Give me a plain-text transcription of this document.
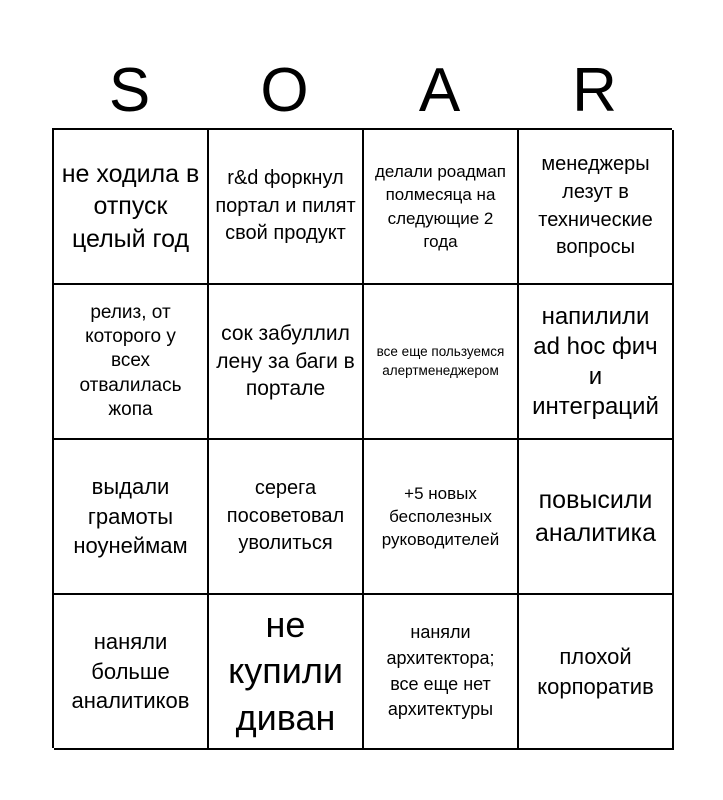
S	O	A	R
не ходила в отпуск целый год
r&d форкнул портал и пилят свой продукт
делали роадмап полмесяца на следующие 2 года
менеджеры лезут в технические вопросы
релиз, от которого у всех отвалилась жопа
сок забуллил лену за баги в портале
все еще пользуемся алертменеджером
напилили ad hoc фич и интеграций
выдали грамоты ноунеймам
серега посоветовал уволиться
+5 новых бесполезных руководителей
повысили аналитика
наняли больше аналитиков
не купили диван
наняли архитектора; все еще нет архитектуры
плохой корпоратив
